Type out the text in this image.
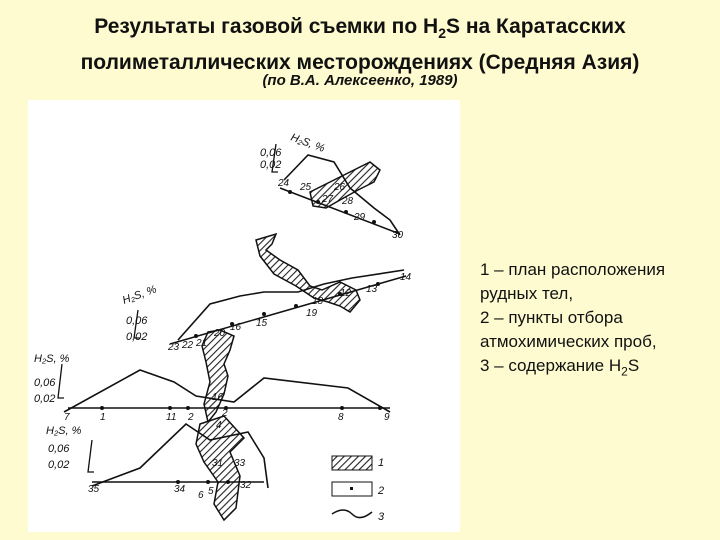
Результаты газовой съемки по $H_2S$ на Каратасских
полиметаллических месторождениях (Средняя Азия)
(по В.А. Алексеенко, 1989)
H₂S, %
0,06
0,02
H₂S, %
0,06
0,02
H₂S, %
0,06
0,02
H₂S, %
0,06
0,02
24 25 26
27 28
29
30
23 22 21
20
16 15
18
19
12 13
14
7	1	11 2	8	9
35	34 5
6
31
32
33
16
2
4
1
2
3

1 – план расположения рудных тел,

2 – пункты отбора атмохимических проб,

3 – содержание $H_2S$
